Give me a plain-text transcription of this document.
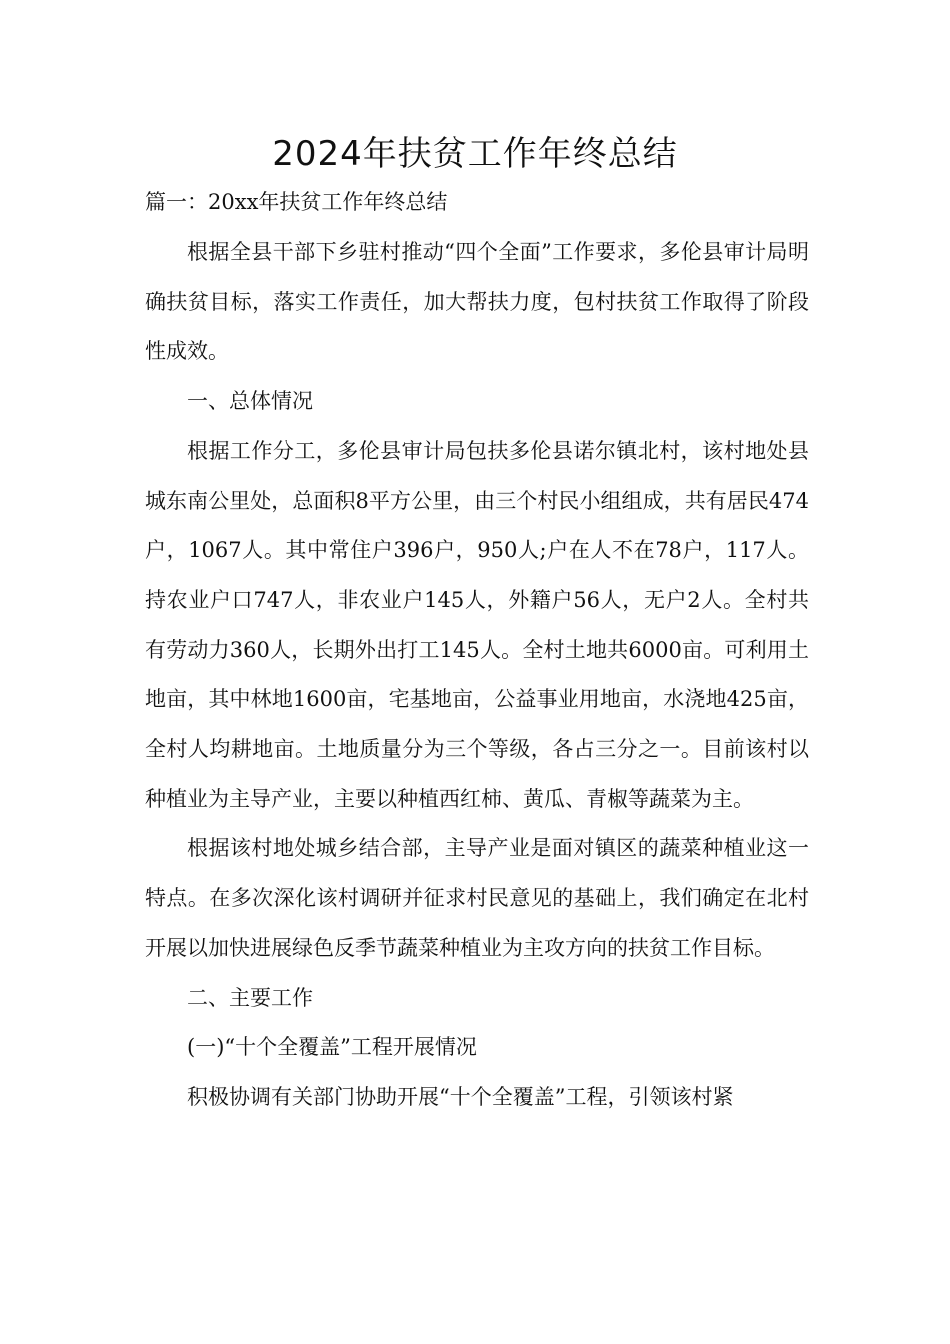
2024年扶贫工作年终总结
篇一：20xx年扶贫工作年终总结

根据全县干部下乡驻村推动“四个全面”工作要求，多伦县审计局明确扶贫目标，落实工作责任，加大帮扶力度，包村扶贫工作取得了阶段性成效。

一、总体情况

根据工作分工，多伦县审计局包扶多伦县诺尔镇北村，该村地处县城东南公里处，总面积8平方公里，由三个村民小组组成，共有居民474户，1067人。其中常住户396户，950人;户在人不在78户，117人。持农业户口747人，非农业户145人，外籍户56人，无户2人。全村共有劳动力360人，长期外出打工145人。全村土地共6000亩。可利用土地亩，其中林地1600亩，宅基地亩，公益事业用地亩，水浇地425亩，全村人均耕地亩。土地质量分为三个等级，各占三分之一。目前该村以种植业为主导产业，主要以种植西红柿、黄瓜、青椒等蔬菜为主。

根据该村地处城乡结合部，主导产业是面对镇区的蔬菜种植业这一特点。在多次深化该村调研并征求村民意见的基础上，我们确定在北村开展以加快进展绿色反季节蔬菜种植业为主攻方向的扶贫工作目标。

二、主要工作

(一)“十个全覆盖”工程开展情况

积极协调有关部门协助开展“十个全覆盖”工程，引领该村紧
